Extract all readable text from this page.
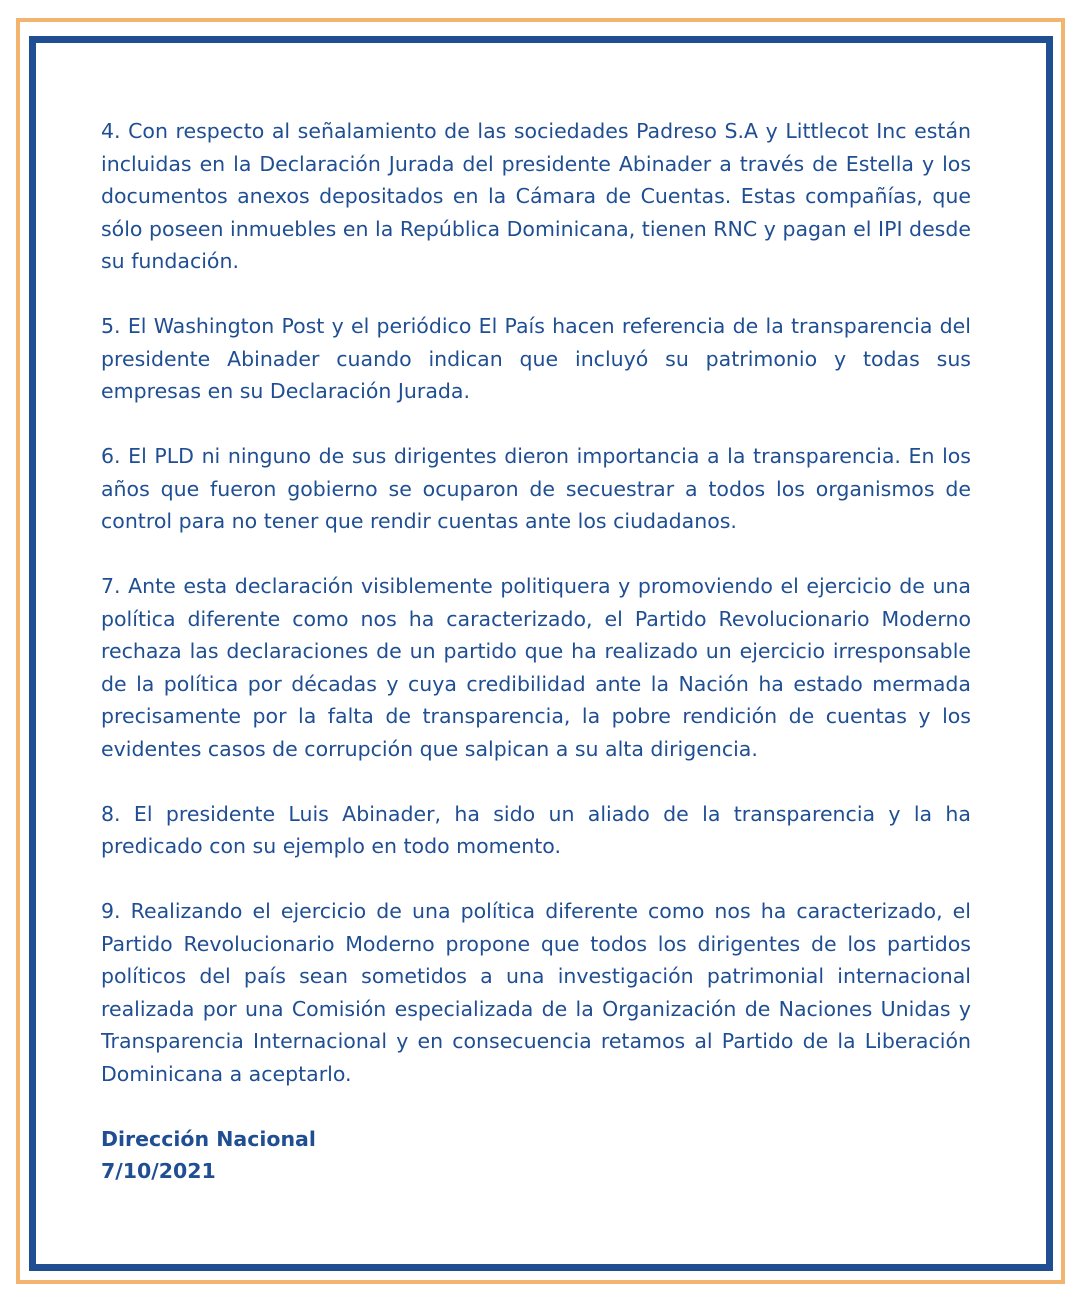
4. Con respecto al señalamiento de las sociedades Padreso S.A y Littlecot Inc están incluidas en la Declaración Jurada del presidente Abinader a través de Estella y los documentos anexos depositados en la Cámara de Cuentas. Estas compañías, que sólo poseen inmuebles en la República Dominicana, tienen RNC y pagan el IPI desde su fundación.

5. El Washington Post y el periódico El País hacen referencia de la transparencia del presidente Abinader cuando indican que incluyó su patrimonio y todas sus empresas en su Declaración Jurada.

6. El PLD ni ninguno de sus dirigentes dieron importancia a la transparencia. En los años que fueron gobierno se ocuparon de secuestrar a todos los organismos de control para no tener que rendir cuentas ante los ciudadanos.

7. Ante esta declaración visiblemente politiquera y promoviendo el ejercicio de una política diferente como nos ha caracterizado, el Partido Revolucionario Moderno rechaza las declaraciones de un partido que ha realizado un ejercicio irresponsable de la política por décadas y cuya credibilidad ante la Nación ha estado mermada precisamente por la falta de transparencia, la pobre rendición de cuentas y los evidentes casos de corrupción que salpican a su alta dirigencia.

8. El presidente Luis Abinader, ha sido un aliado de la transparencia y la ha predicado con su ejemplo en todo momento.

9. Realizando el ejercicio de una política diferente como nos ha caracterizado, el Partido Revolucionario Moderno propone que todos los dirigentes de los partidos políticos del país sean sometidos a una investigación patrimonial internacional realizada por una Comisión especializada de la Organización de Naciones Unidas y Transparencia Internacional y en consecuencia retamos al Partido de la Liberación Dominicana a aceptarlo.

Dirección Nacional

7/10/2021
